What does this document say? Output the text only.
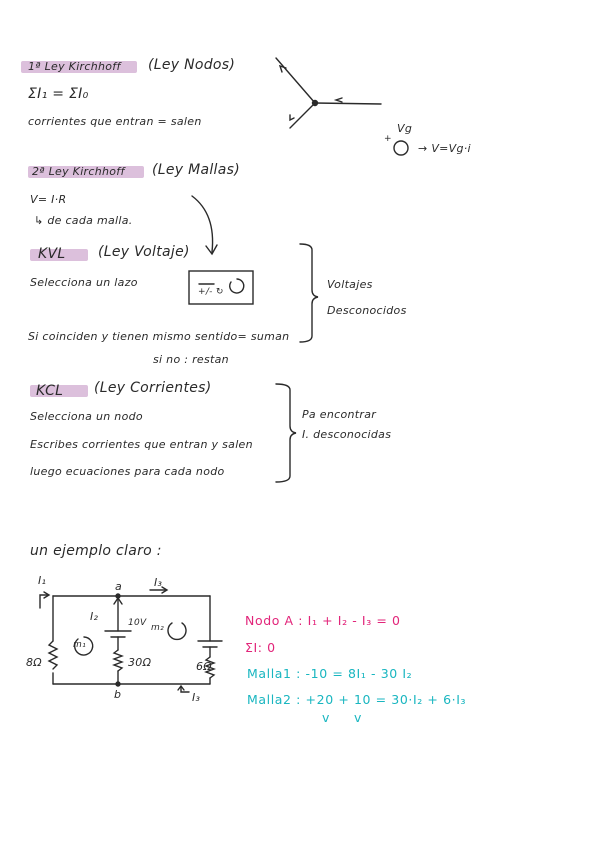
1ª Ley Kirchhoff (Ley Nodos)
ΣI₁ = ΣI₀
corrientes que entran = salen
Vg
+
→ V=Vg·i
2ª Ley Kirchhoff (Ley Mallas)
V= I·R
↳ de cada malla.
KVL (Ley Voltaje)
Selecciona un lazo
+/- ↻
Si coinciden y tienen mismo sentido= suman
si no : restan
Voltajes
Desconocidos
KCL (Ley Corrientes)
Selecciona un nodo
Escribes corrientes que entran y salen
luego ecuaciones para cada nodo
Pa encontrar
I. desconocidas
un ejemplo claro :
I₁	a	I₃
I₂	10V m₂
m₁
8Ω	30Ω	6Ω
b	I₃
Nodo A : I₁ + I₂ - I₃ = 0
ΣI: 0
Malla1 : -10 = 8I₁ - 30 I₂
Malla2 : +20 + 10 = 30·I₂ + 6·I₃
v v
